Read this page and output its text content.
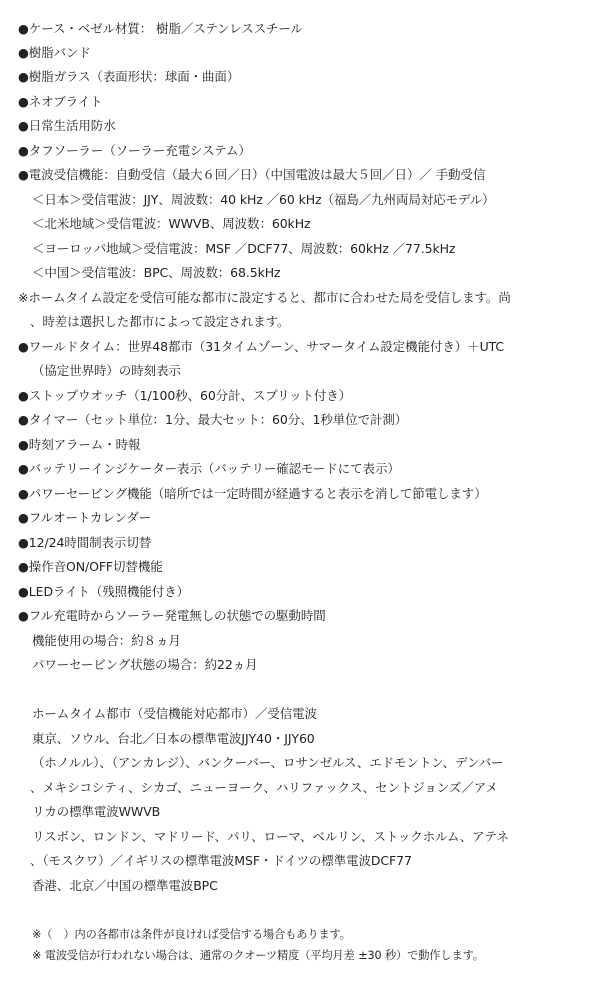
●ケース・ベゼル材質： 樹脂／ステンレススチール
●樹脂バンド
●樹脂ガラス（表面形状：球面・曲面）
●ネオブライト
●日常生活用防水
●タフソーラー（ソーラー充電システム）
●電波受信機能：自動受信（最大６回／日）（中国電波は最大５回／日）／ 手動受信
＜日本＞受信電波：JJY、周波数：40 kHz ／60 kHz（福島／九州両局対応モデル）
＜北米地域＞受信電波：WWVB、周波数：60kHz
＜ヨーロッパ地域＞受信電波：MSF ／DCF77、周波数：60kHz ／77.5kHz
＜中国＞受信電波：BPC、周波数：68.5kHz
※ホームタイム設定を受信可能な都市に設定すると、都市に合わせた局を受信します。尚
、時差は選択した都市によって設定されます。
●ワールドタイム：世界48都市（31タイムゾーン、サマータイム設定機能付き）＋UTC
（協定世界時）の時刻表示
●ストップウオッチ（1/100秒、60分計、スプリット付き）
●タイマー（セット単位：1分、最大セット：60分、1秒単位で計測）
●時刻アラーム・時報
●バッテリーインジケーター表示（バッテリー確認モードにて表示）
●パワーセービング機能（暗所では一定時間が経過すると表示を消して節電します）
●フルオートカレンダー
●12/24時間制表示切替
●操作音ON/OFF切替機能
●LEDライト（残照機能付き）
●フル充電時からソーラー発電無しの状態での駆動時間
機能使用の場合：約８ヵ月
パワーセービング状態の場合：約22ヵ月
ホームタイム都市（受信機能対応都市）／受信電波
東京、ソウル、台北／日本の標準電波JJY40・JJY60
（ホノルル）、（アンカレジ）、バンクーバー、ロサンゼルス、エドモントン、デンバー
、メキシコシティ、シカゴ、ニューヨーク、ハリファックス、セントジョンズ／アメ
リカの標準電波WWVB
リスボン、ロンドン、マドリード、パリ、ローマ、ベルリン、ストックホルム、アテネ
、（モスクワ）／イギリスの標準電波MSF・ドイツの標準電波DCF77
香港、北京／中国の標準電波BPC
※（　）内の各都市は条件が良ければ受信する場合もあります。
※ 電波受信が行われない場合は、通常のクオーツ精度（平均月差 ±30 秒）で動作します。
